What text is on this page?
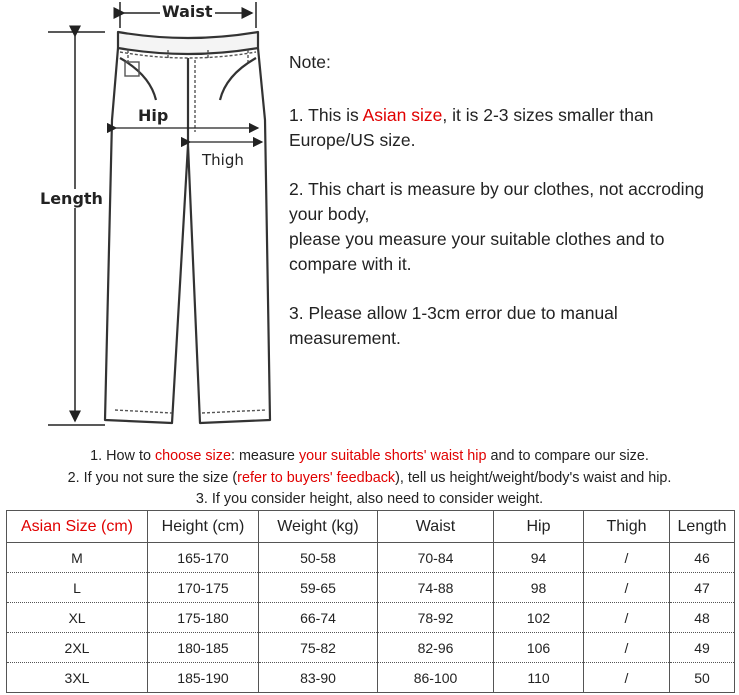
Waist
Hip
Thigh
Length

Note:

1. This is Asian size, it is 2-3 sizes smaller than Europe/US size.

2. This chart is measure by our clothes, not accroding your body,
please you measure your suitable clothes and to compare with it.

3. Please allow 1-3cm error due to manual measurement.

1. How to choose size: measure your suitable shorts' waist hip and to compare our size.
2. If you not sure the size (refer to buyers' feedback), tell us height/weight/body's waist and hip.
3. If you consider height, also need to consider weight.
Asian Size (cm)	Height (cm)	Weight (kg)	Waist	Hip	Thigh	Length
M	165-170	50-58	70-84	94	/	46
L	170-175	59-65	74-88	98	/	47
XL	175-180	66-74	78-92	102	/	48
2XL	180-185	75-82	82-96	106	/	49
3XL	185-190	83-90	86-100	110	/	50
